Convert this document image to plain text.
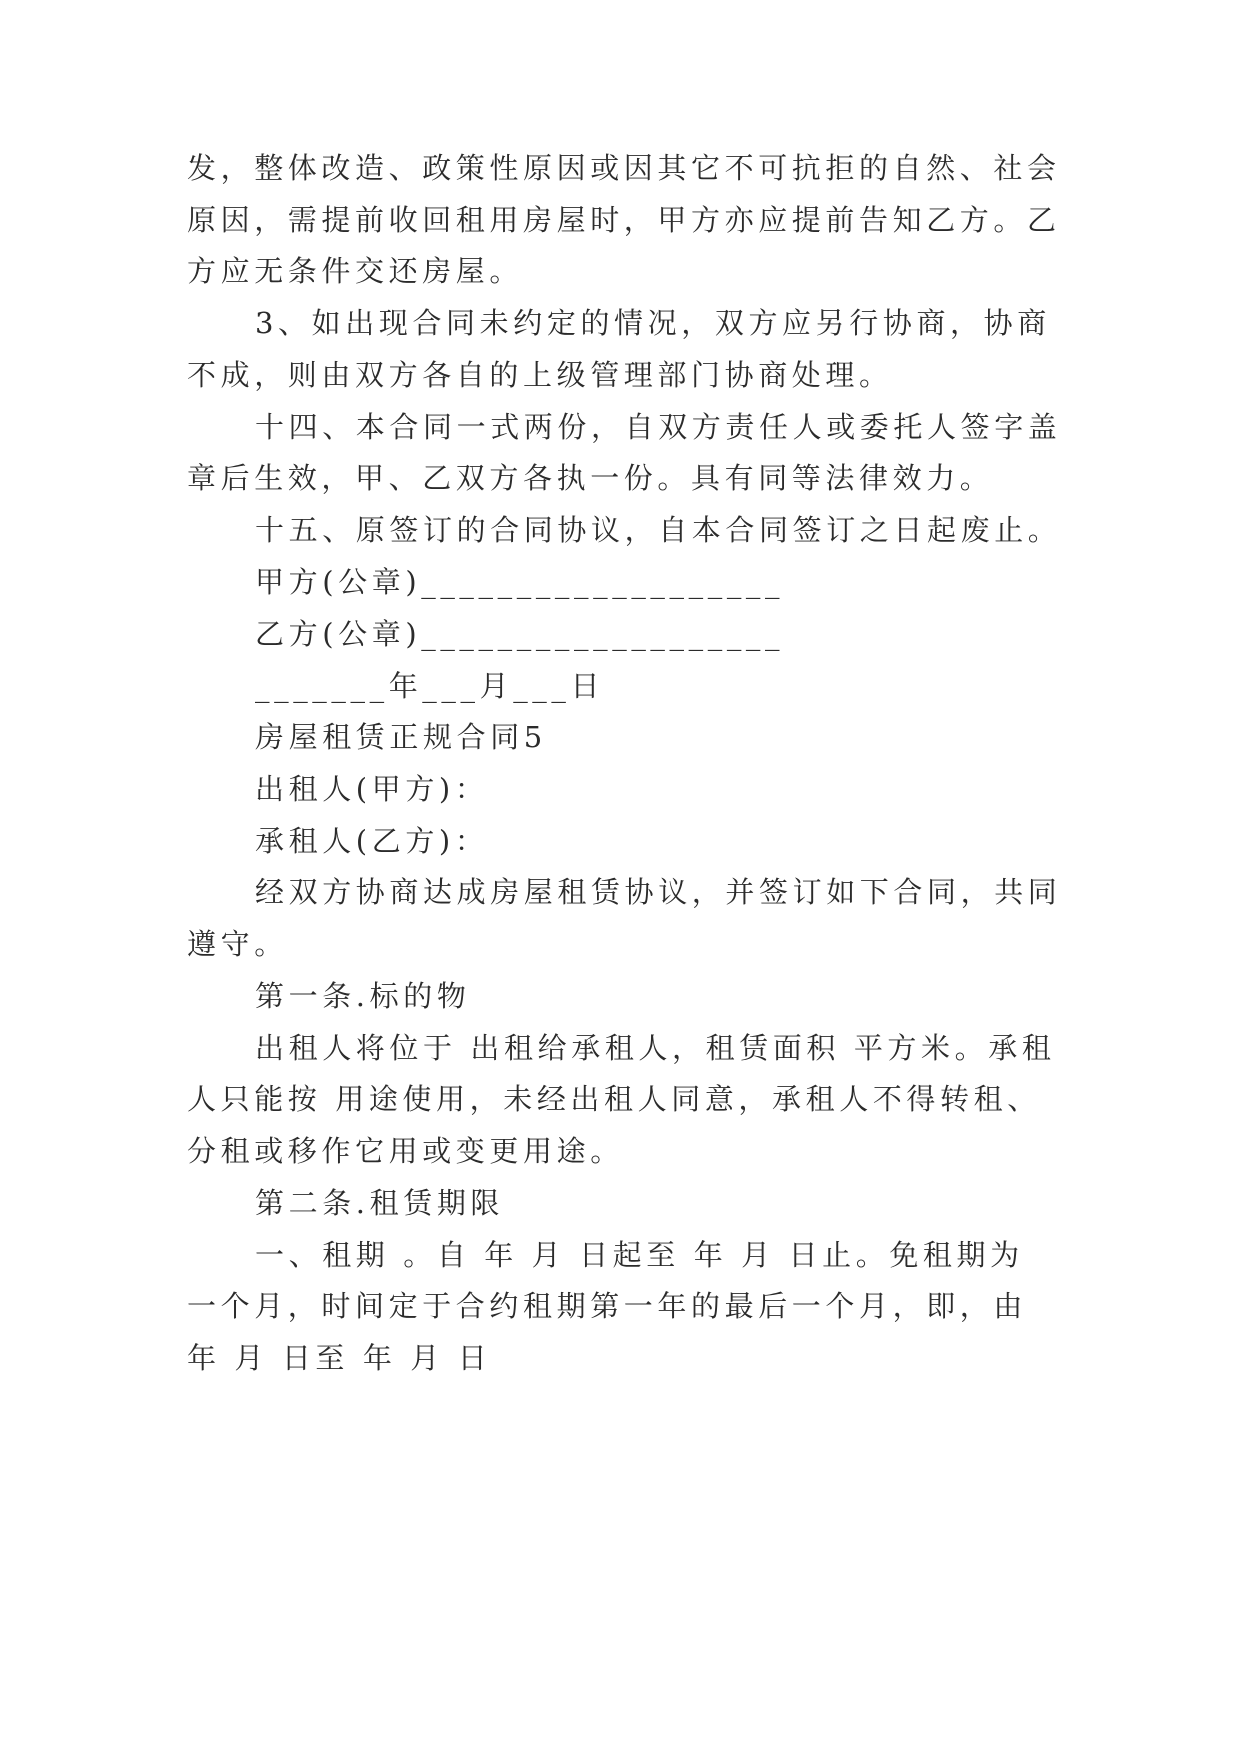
发，整体改造、政策性原因或因其它不可抗拒的自然、社会
原因，需提前收回租用房屋时，甲方亦应提前告知乙方。乙
方应无条件交还房屋。
3、如出现合同未约定的情况，双方应另行协商，协商
不成，则由双方各自的上级管理部门协商处理。
十四、本合同一式两份，自双方责任人或委托人签字盖
章后生效，甲、乙双方各执一份。具有同等法律效力。
十五、原签订的合同协议，自本合同签订之日起废止。
甲方(公章)___________________
乙方(公章)___________________
_______年___月___日
房屋租赁正规合同5
出租人(甲方)：
承租人(乙方)：
经双方协商达成房屋租赁协议，并签订如下合同，共同
遵守。
第一条.标的物
出租人将位于 出租给承租人，租赁面积 平方米。承租
人只能按 用途使用，未经出租人同意，承租人不得转租、
分租或移作它用或变更用途。
第二条.租赁期限
一、租期 。自 年 月 日起至 年 月 日止。免租期为
一个月，时间定于合约租期第一年的最后一个月，即，由
年 月 日至 年 月 日
